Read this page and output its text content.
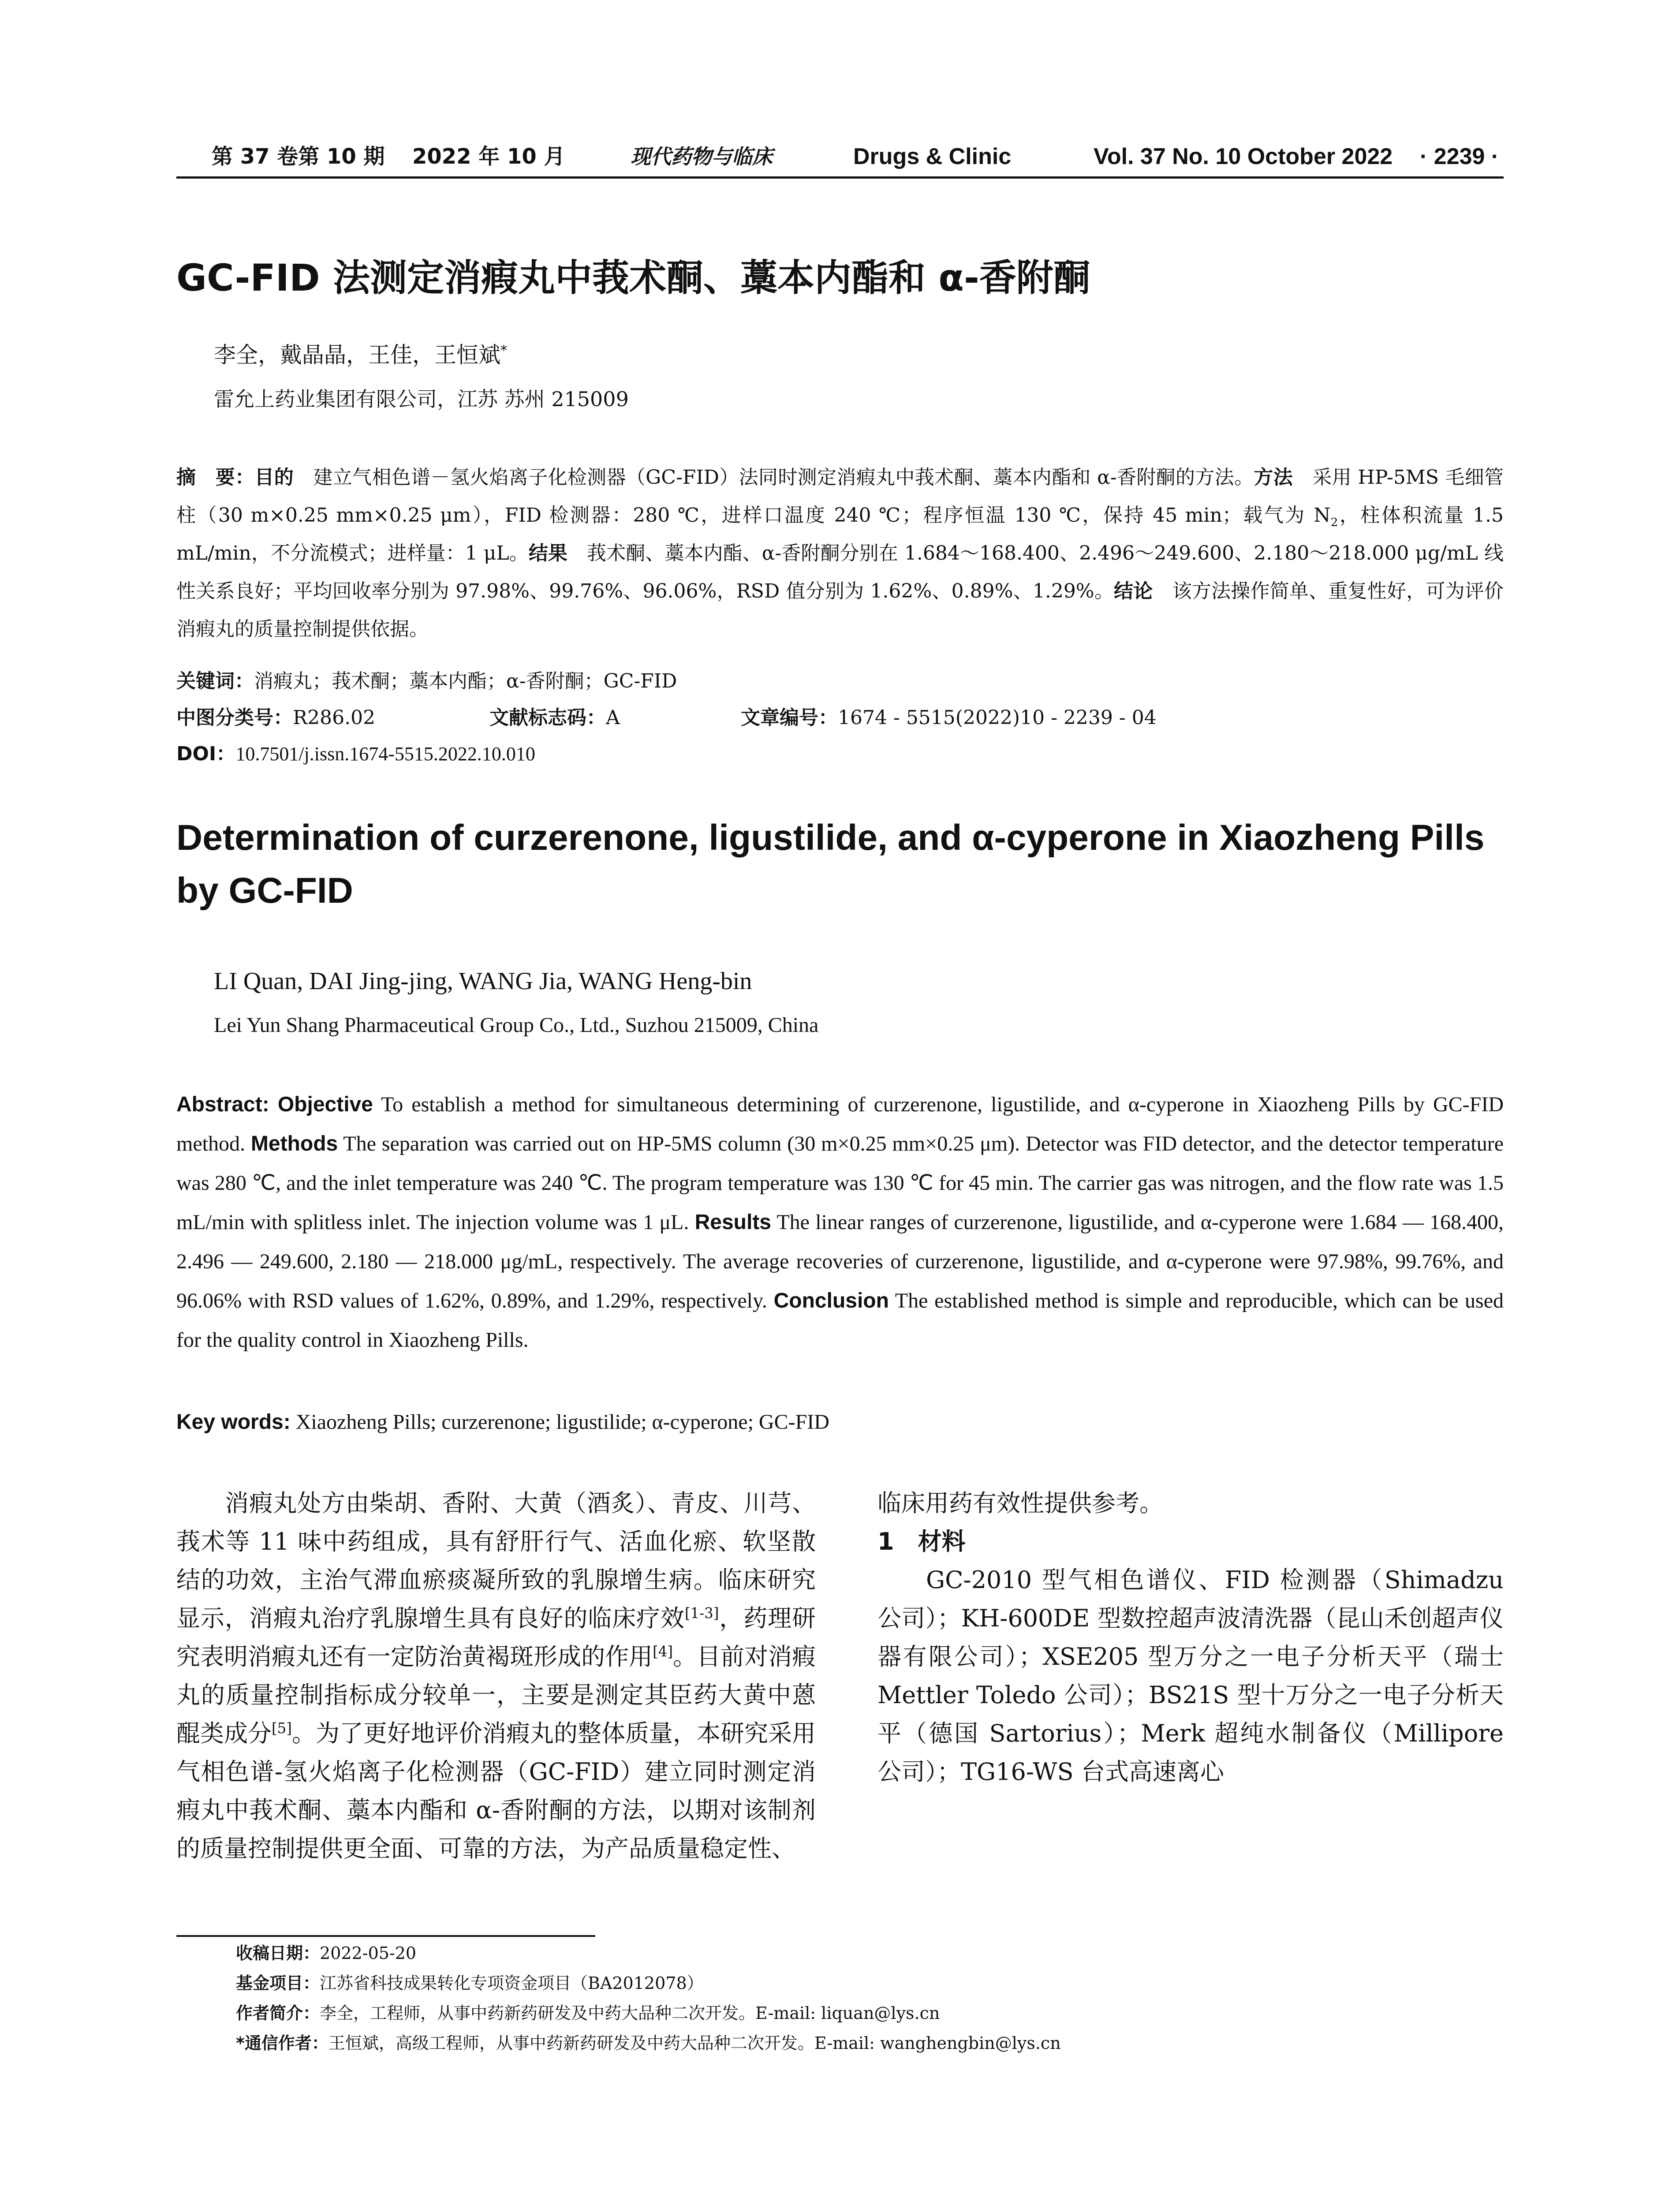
第 37 卷第 10 期 2022 年 10 月	现代药物与临床	Drugs & Clinic	Vol. 37 No. 10 October 2022 · 2239 ·
GC-FID 法测定消瘕丸中莪术酮、藁本内酯和 α-香附酮
李全，戴晶晶，王佳，王恒斌*
雷允上药业集团有限公司，江苏 苏州 215009
摘　要：目的　建立气相色谱－氢火焰离子化检测器（GC-FID）法同时测定消瘕丸中莪术酮、藁本内酯和 α-香附酮的方法。方法　采用 HP-5MS 毛细管柱（30 m×0.25 mm×0.25 μm），FID 检测器：280 ℃，进样口温度 240 ℃；程序恒温 130 ℃，保持 45 min；载气为 $N_2$，柱体积流量 1.5 mL/min，不分流模式；进样量：1 μL。结果　莪术酮、藁本内酯、α-香附酮分别在 1.684～168.400、2.496～249.600、2.180～218.000 μg/mL 线性关系良好；平均回收率分别为 97.98%、99.76%、96.06%，RSD 值分别为 1.62%、0.89%、1.29%。结论　该方法操作简单、重复性好，可为评价消瘕丸的质量控制提供依据。
关键词：消瘕丸；莪术酮；藁本内酯；α-香附酮；GC-FID
中图分类号：R286.02	文献标志码：A	文章编号：1674 - 5515(2022)10 - 2239 - 04
DOI：10.7501/j.issn.1674-5515.2022.10.010
Determination of curzerenone, ligustilide, and α-cyperone in Xiaozheng Pills by GC-FID
LI Quan, DAI Jing-jing, WANG Jia, WANG Heng-bin
Lei Yun Shang Pharmaceutical Group Co., Ltd., Suzhou 215009, China
Abstract: Objective To establish a method for simultaneous determining of curzerenone, ligustilide, and α-cyperone in Xiaozheng Pills by GC-FID method. Methods The separation was carried out on HP-5MS column (30 m×0.25 mm×0.25 μm). Detector was FID detector, and the detector temperature was 280 ℃, and the inlet temperature was 240 ℃. The program temperature was 130 ℃ for 45 min. The carrier gas was nitrogen, and the flow rate was 1.5 mL/min with splitless inlet. The injection volume was 1 μL. Results The linear ranges of curzerenone, ligustilide, and α-cyperone were 1.684 — 168.400, 2.496 — 249.600, 2.180 — 218.000 μg/mL, respectively. The average recoveries of curzerenone, ligustilide, and α-cyperone were 97.98%, 99.76%, and 96.06% with RSD values of 1.62%, 0.89%, and 1.29%, respectively. Conclusion The established method is simple and reproducible, which can be used for the quality control in Xiaozheng Pills.
Key words: Xiaozheng Pills; curzerenone; ligustilide; α-cyperone; GC-FID

消瘕丸处方由柴胡、香附、大黄（酒炙）、青皮、川芎、莪术等 11 味中药组成，具有舒肝行气、活血化瘀、软坚散结的功效，主治气滞血瘀痰凝所致的乳腺增生病。临床研究显示，消瘕丸治疗乳腺增生具有良好的临床疗效[1-3]，药理研究表明消瘕丸还有一定防治黄褐斑形成的作用[4]。目前对消瘕丸的质量控制指标成分较单一，主要是测定其臣药大黄中蒽醌类成分[5]。为了更好地评价消瘕丸的整体质量，本研究采用气相色谱-氢火焰离子化检测器（GC-FID）建立同时测定消瘕丸中莪术酮、藁本内酯和 α-香附酮的方法，以期对该制剂的质量控制提供更全面、可靠的方法，为产品质量稳定性、

临床用药有效性提供参考。

1　材料

GC-2010 型气相色谱仪、FID 检测器（Shimadzu 公司）；KH-600DE 型数控超声波清洗器（昆山禾创超声仪器有限公司）；XSE205 型万分之一电子分析天平（瑞士 Mettler Toledo 公司）；BS21S 型十万分之一电子分析天平（德国 Sartorius）；Merk 超纯水制备仪（Millipore 公司）；TG16-WS 台式高速离心

收稿日期：2022-05-20
基金项目：江苏省科技成果转化专项资金项目（BA2012078）
作者简介：李全，工程师，从事中药新药研发及中药大品种二次开发。E-mail: liquan@lys.cn
*通信作者：王恒斌，高级工程师，从事中药新药研发及中药大品种二次开发。E-mail: wanghengbin@lys.cn
